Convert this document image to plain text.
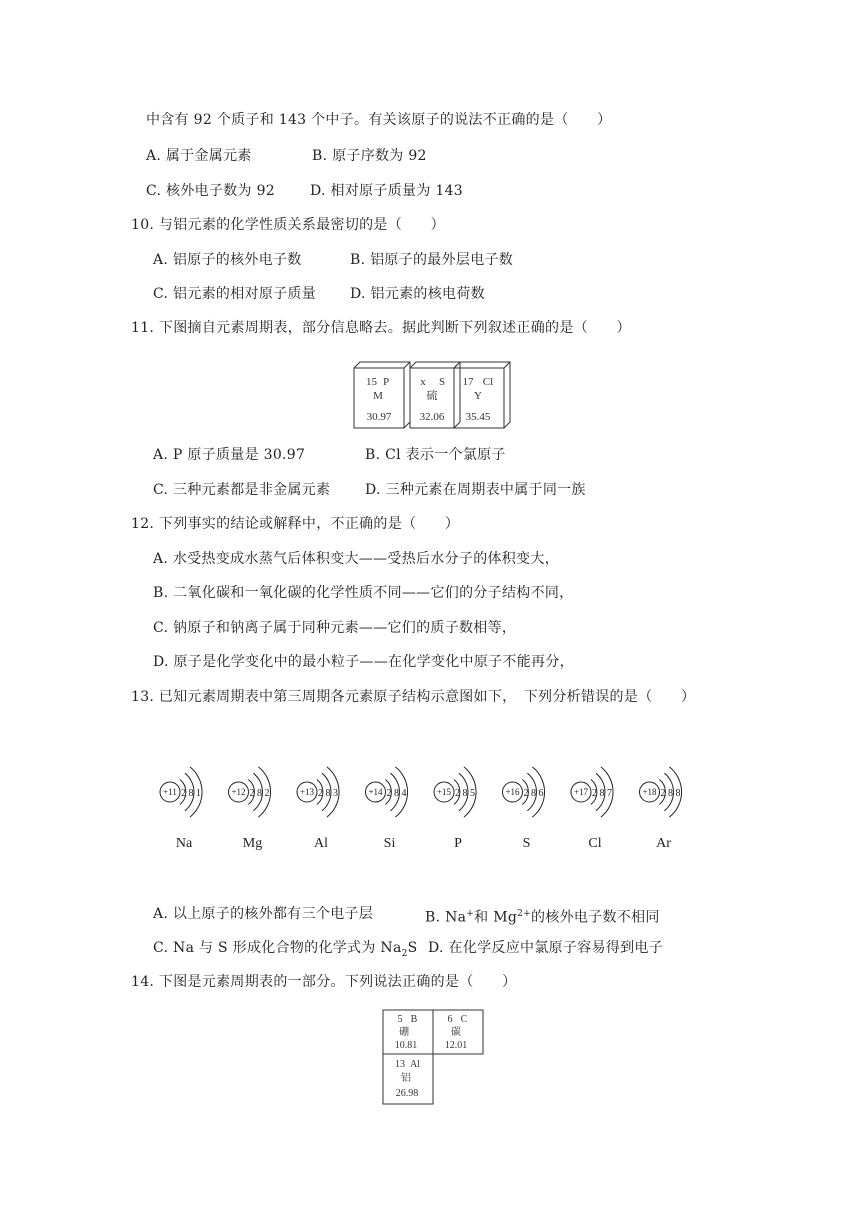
中含有 92 个质子和 143 个中子。有关该原子的说法不正确的是（　　）
A. 属于金属元素	B. 原子序数为 92
C. 核外电子数为 92	D. 相对原子质量为 143
10. 与铝元素的化学性质关系最密切的是（　　）
A. 铝原子的核外电子数	B. 铝原子的最外层电子数
C. 铝元素的相对原子质量 D. 铝元素的核电荷数
11. 下图摘自元素周期表，部分信息略去。据此判断下列叙述正确的是（　　）
15 P
M
30.97
x S
硫
32.06
17 Cl
Y
35.45
A. P 原子质量是 30.97	B. Cl 表示一个氯原子
C. 三种元素都是非金属元素 D. 三种元素在周期表中属于同一族
12. 下列事实的结论或解释中，不正确的是（　　）
A. 水受热变成水蒸气后体积变大——受热后水分子的体积变大，
B. 二氧化碳和一氧化碳的化学性质不同——它们的分子结构不同，
C. 钠原子和钠离子属于同种元素——它们的质子数相等，
D. 原子是化学变化中的最小粒子——在化学变化中原子不能再分，
13. 已知元素周期表中第三周期各元素原子结构示意图如下，　下列分析错误的是（　　）
+11 2 8 1
Na
+12 2 8 2
Mg
+13 2 8 3
Al
+14 2 8 4
Si
+15 2 8 5
P
+16 2 8 6
S
+17 2 8 7
Cl
+18 2 8 8
Ar
A. 以上原子的核外都有三个电子层	B. Na+和 $Mg^{2+}$的核外电子数不相同
C. Na 与 S 形成化合物的化学式为 $Na_2S$ D. 在化学反应中氯原子容易得到电子
14. 下图是元素周期表的一部分。下列说法正确的是（　　）
5 B
硼
10.81
6 C
碳
12.01
13 Al
铝
26.98
